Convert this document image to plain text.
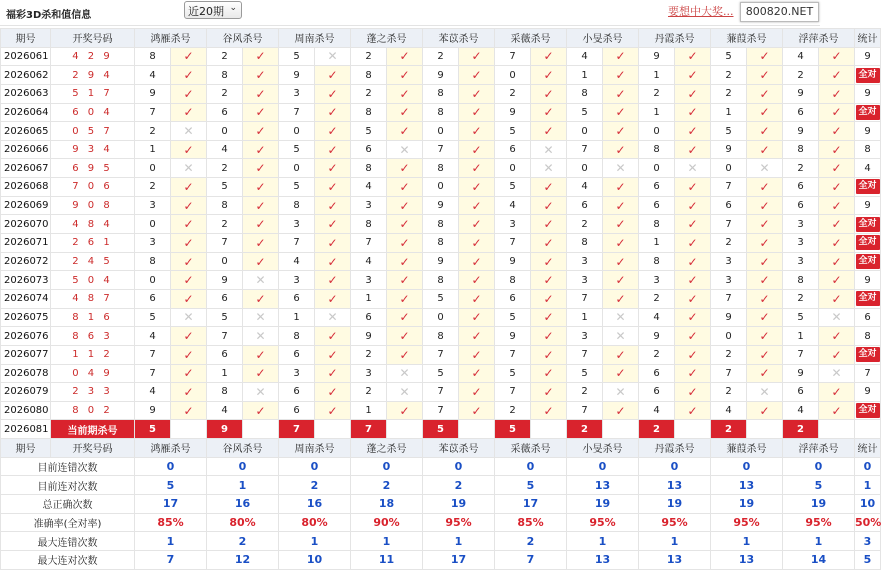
福彩3D杀和值信息	近20期 ⌄	要想中大奖...	800820.NET
期号	开奖号码	鸿雁杀号		谷风杀号		周南杀号		蓬之杀号		苯苡杀号		采薇杀号		小旻杀号		丹霞杀号		蒹葭杀号		浮萍杀号		统计
2026061	4 2 9	8	✓	2	✓	5	✕	2	✓	2	✓	7	✓	4	✓	9	✓	5	✓	4	✓	9
2026062	2 9 4	4	✓	8	✓	9	✓	8	✓	9	✓	0	✓	1	✓	1	✓	2	✓	2	✓	全对
2026063	5 1 7	9	✓	2	✓	3	✓	2	✓	8	✓	2	✓	8	✓	2	✓	2	✓	9	✓	9
2026064	6 0 4	7	✓	6	✓	7	✓	8	✓	8	✓	9	✓	5	✓	1	✓	1	✓	6	✓	全对
2026065	0 5 7	2	✕	0	✓	0	✓	5	✓	0	✓	5	✓	0	✓	0	✓	5	✓	9	✓	9
2026066	9 3 4	1	✓	4	✓	5	✓	6	✕	7	✓	6	✕	7	✓	8	✓	9	✓	8	✓	8
2026067	6 9 5	0	✕	2	✓	0	✓	8	✓	8	✓	0	✕	0	✕	0	✕	0	✕	2	✓	4
2026068	7 0 6	2	✓	5	✓	5	✓	4	✓	0	✓	5	✓	4	✓	6	✓	7	✓	6	✓	全对
2026069	9 0 8	3	✓	8	✓	8	✓	3	✓	9	✓	4	✓	6	✓	6	✓	6	✓	6	✓	9
2026070	4 8 4	0	✓	2	✓	3	✓	8	✓	8	✓	3	✓	2	✓	8	✓	7	✓	3	✓	全对
2026071	2 6 1	3	✓	7	✓	7	✓	7	✓	8	✓	7	✓	8	✓	1	✓	2	✓	3	✓	全对
2026072	2 4 5	8	✓	0	✓	4	✓	4	✓	9	✓	9	✓	3	✓	8	✓	3	✓	3	✓	全对
2026073	5 0 4	0	✓	9	✕	3	✓	3	✓	8	✓	8	✓	3	✓	3	✓	3	✓	8	✓	9
2026074	4 8 7	6	✓	6	✓	6	✓	1	✓	5	✓	6	✓	7	✓	2	✓	7	✓	2	✓	全对
2026075	8 1 6	5	✕	5	✕	1	✕	6	✓	0	✓	5	✓	1	✕	4	✓	9	✓	5	✕	6
2026076	8 6 3	4	✓	7	✕	8	✓	9	✓	8	✓	9	✓	3	✕	9	✓	0	✓	1	✓	8
2026077	1 1 2	7	✓	6	✓	6	✓	2	✓	7	✓	7	✓	7	✓	2	✓	2	✓	7	✓	全对
2026078	0 4 9	7	✓	1	✓	3	✓	3	✕	5	✓	5	✓	5	✓	6	✓	7	✓	9	✕	7
2026079	2 3 3	4	✓	8	✕	6	✓	2	✕	7	✓	7	✓	2	✕	6	✓	2	✕	6	✓	9
2026080	8 0 2	9	✓	4	✓	6	✓	1	✓	7	✓	2	✓	7	✓	4	✓	4	✓	4	✓	全对
2026081	当前期杀号	5		9		7		7		5		5		2		2		2		2		
期号	开奖号码	鸿雁杀号		谷风杀号		周南杀号		蓬之杀号		苯苡杀号		采薇杀号		小旻杀号		丹霞杀号		蒹葭杀号		浮萍杀号		统计
目前连错次数		0		0		0		0		0		0		0		0		0		0		0
目前连对次数		5		1		2		2		2		5		13		13		13		5		1
总正确次数		17		16		16		18		19		17		19		19		19		19		10
准确率(全对率)		85%		80%		80%		90%		95%		85%		95%		95%		95%		95%		50%
最大连错次数		1		2		1		1		1		2		1		1		1		1		3
最大连对次数		7		12		10		11		17		7		13		13		13		14		5
